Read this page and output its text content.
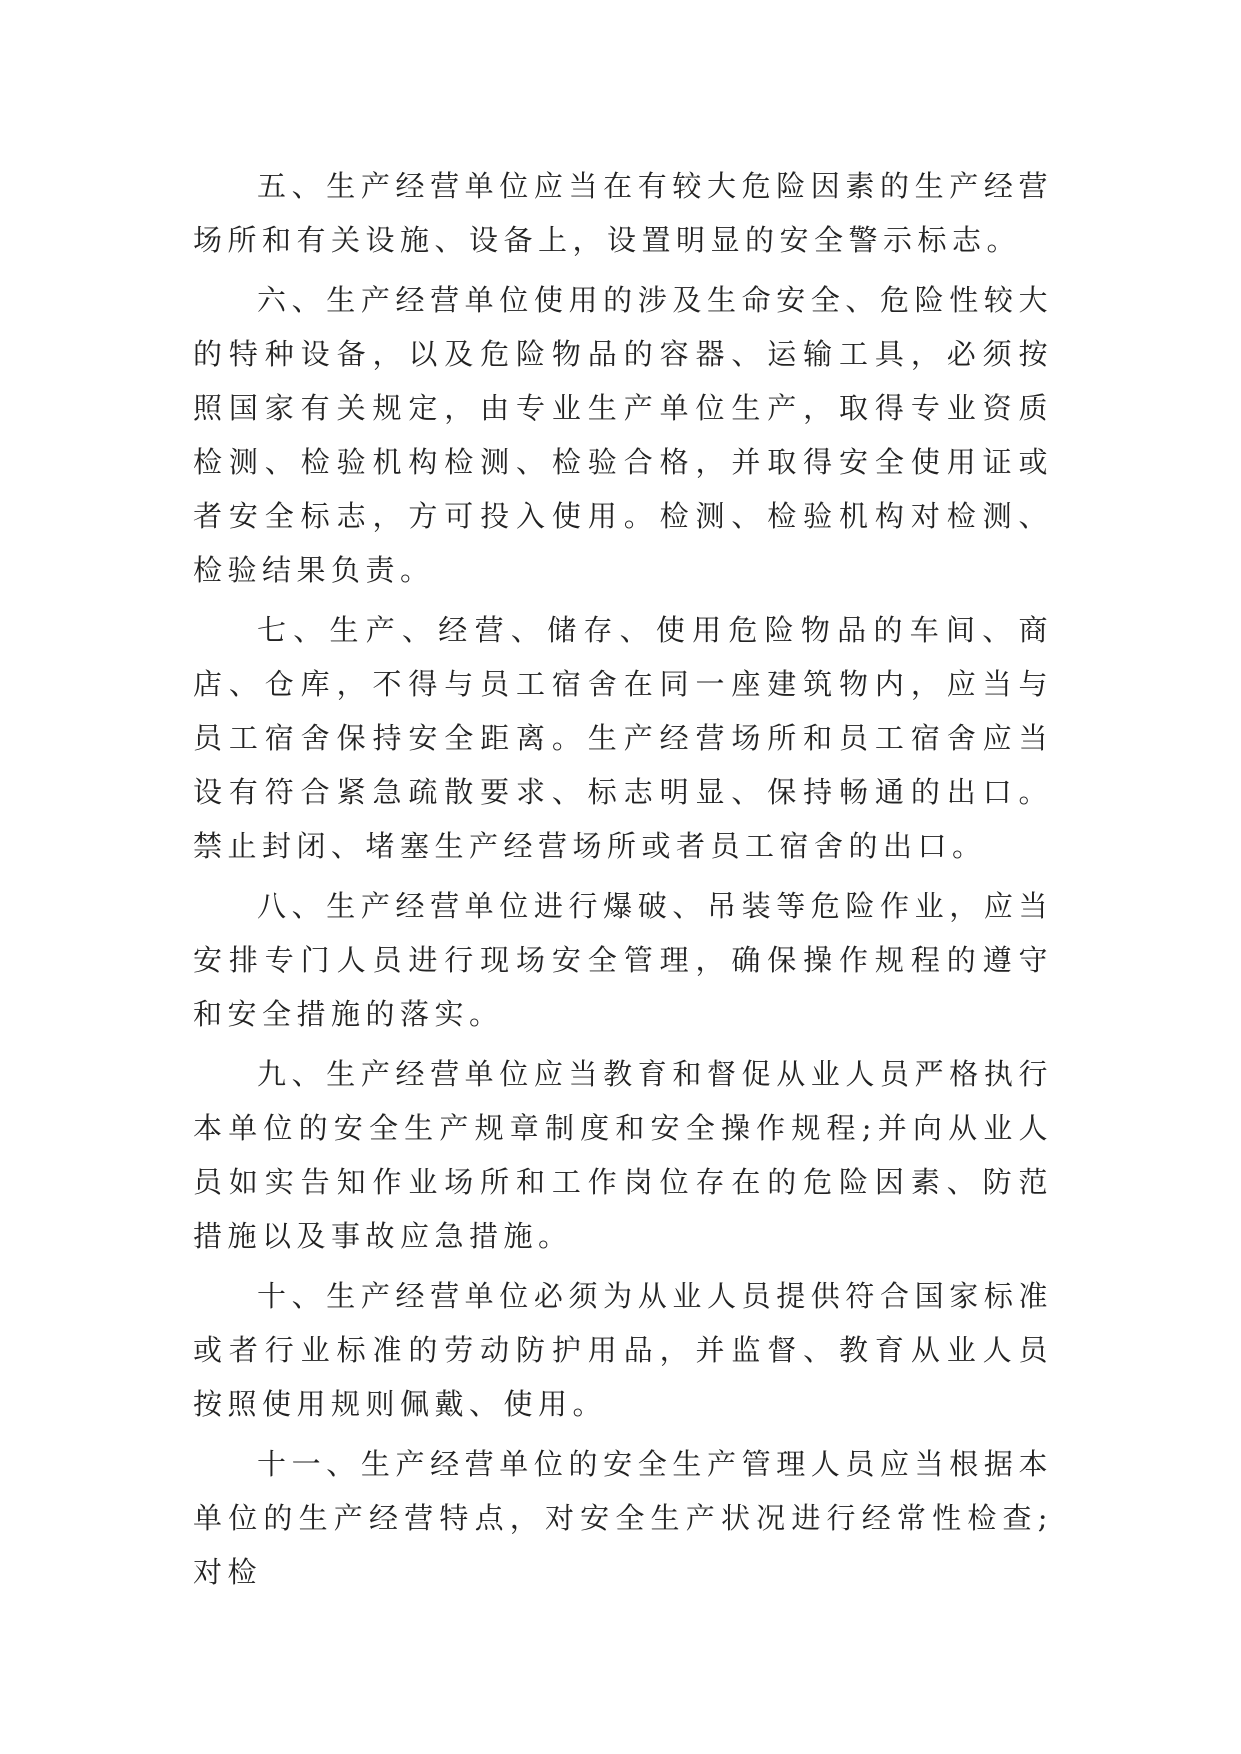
五、生产经营单位应当在有较大危险因素的生产经营场所和有关设施、设备上，设置明显的安全警示标志。

六、生产经营单位使用的涉及生命安全、危险性较大的特种设备，以及危险物品的容器、运输工具，必须按照国家有关规定，由专业生产单位生产，取得专业资质检测、检验机构检测、检验合格，并取得安全使用证或者安全标志，方可投入使用。检测、检验机构对检测、检验结果负责。

七、生产、经营、储存、使用危险物品的车间、商店、仓库，不得与员工宿舍在同一座建筑物内，应当与员工宿舍保持安全距离。生产经营场所和员工宿舍应当设有符合紧急疏散要求、标志明显、保持畅通的出口。禁止封闭、堵塞生产经营场所或者员工宿舍的出口。

八、生产经营单位进行爆破、吊装等危险作业，应当安排专门人员进行现场安全管理，确保操作规程的遵守和安全措施的落实。

九、生产经营单位应当教育和督促从业人员严格执行本单位的安全生产规章制度和安全操作规程;并向从业人员如实告知作业场所和工作岗位存在的危险因素、防范措施以及事故应急措施。

十、生产经营单位必须为从业人员提供符合国家标准或者行业标准的劳动防护用品，并监督、教育从业人员按照使用规则佩戴、使用。

十一、生产经营单位的安全生产管理人员应当根据本单位的生产经营特点，对安全生产状况进行经常性检查;对检
